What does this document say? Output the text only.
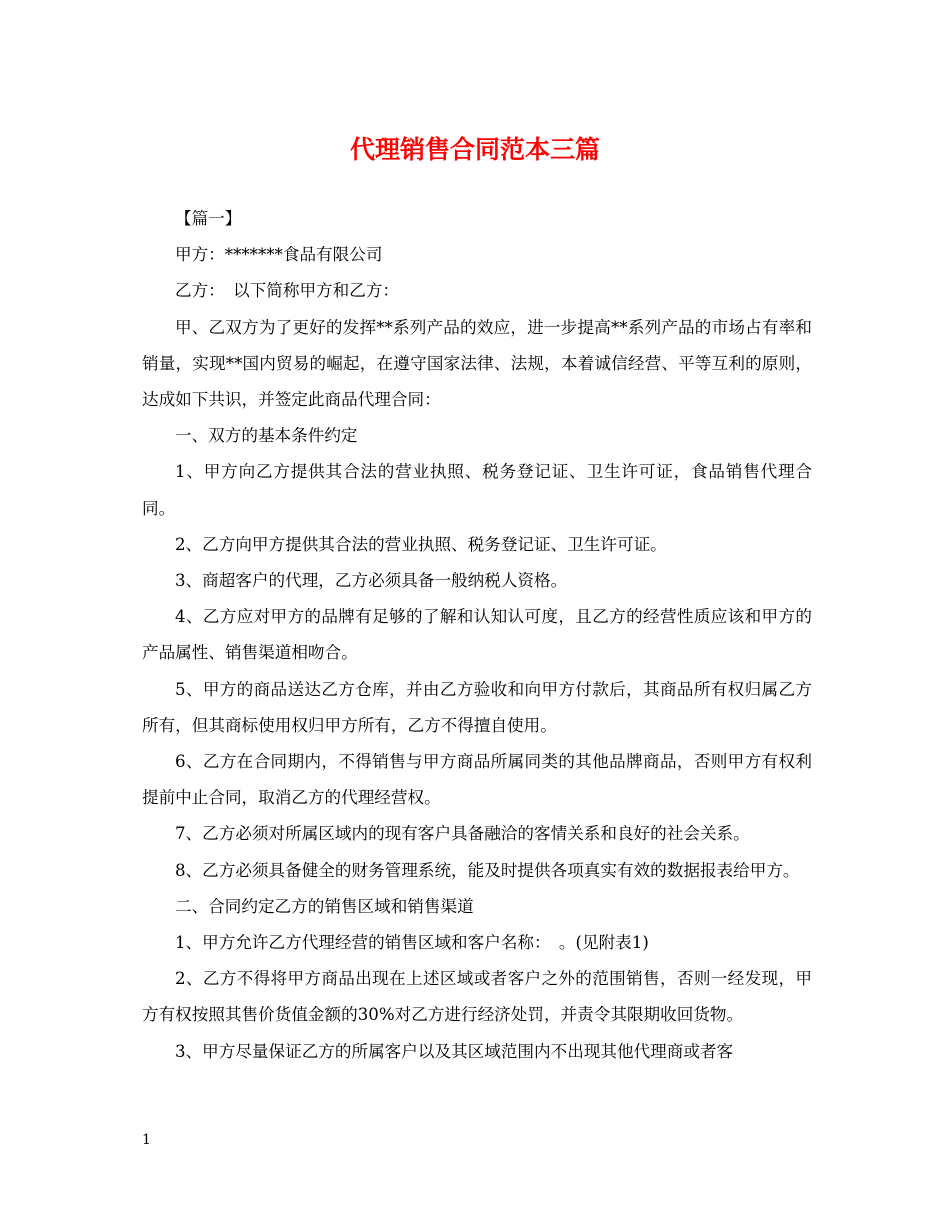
代理销售合同范本三篇

【篇一】

甲方：*******食品有限公司

乙方：　以下简称甲方和乙方：

甲、乙双方为了更好的发挥**系列产品的效应，进一步提高**系列产品的市场占有率和销量，实现**国内贸易的崛起，在遵守国家法律、法规，本着诚信经营、平等互利的原则，达成如下共识，并签定此商品代理合同：

一、双方的基本条件约定

1、甲方向乙方提供其合法的营业执照、税务登记证、卫生许可证，食品销售代理合同。

2、乙方向甲方提供其合法的营业执照、税务登记证、卫生许可证。

3、商超客户的代理，乙方必须具备一般纳税人资格。

4、乙方应对甲方的品牌有足够的了解和认知认可度，且乙方的经营性质应该和甲方的产品属性、销售渠道相吻合。

5、甲方的商品送达乙方仓库，并由乙方验收和向甲方付款后，其商品所有权归属乙方所有，但其商标使用权归甲方所有，乙方不得擅自使用。

6、乙方在合同期内，不得销售与甲方商品所属同类的其他品牌商品，否则甲方有权利提前中止合同，取消乙方的代理经营权。

7、乙方必须对所属区域内的现有客户具备融洽的客情关系和良好的社会关系。

8、乙方必须具备健全的财务管理系统，能及时提供各项真实有效的数据报表给甲方。

二、合同约定乙方的销售区域和销售渠道

1、甲方允许乙方代理经营的销售区域和客户名称：　。(见附表1)

2、乙方不得将甲方商品出现在上述区域或者客户之外的范围销售，否则一经发现，甲方有权按照其售价货值金额的30%对乙方进行经济处罚，并责令其限期收回货物。

3、甲方尽量保证乙方的所属客户以及其区域范围内不出现其他代理商或者客

1
